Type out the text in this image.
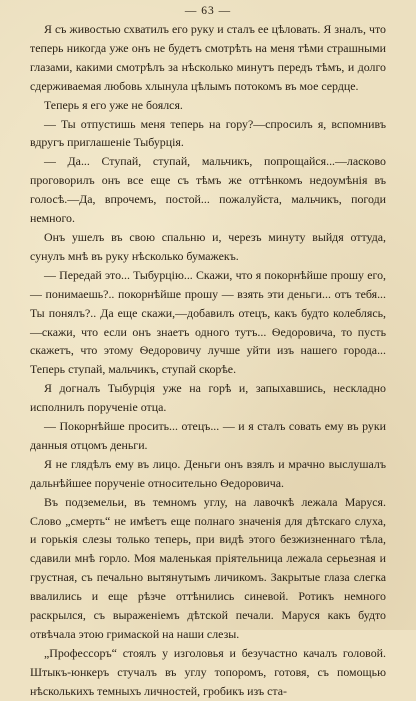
— 63 —

Я съ живостью схватилъ его руку и сталъ ее цѣловать. Я зналъ, что теперь никогда уже онъ не будетъ смотрѣть на меня тѣми страшными глазами, какими смотрѣлъ за нѣсколько минутъ передъ тѣмъ, и долго сдерживаемая любовь хлынула цѣлымъ потокомъ въ мое сердце.

Теперь я его уже не боялся.

— Ты отпустишь меня теперь на гору?—спросилъ я, вспомнивъ вдругъ приглашеніе Тыбурція.

— Да... Ступай, ступай, мальчикъ, попрощайся...—ласково проговорилъ онъ все еще съ тѣмъ же оттѣнкомъ недоумѣнія въ голосѣ.—Да, впрочемъ, постой... пожалуйста, мальчикъ, погоди немного.

Онъ ушелъ въ свою спальню и, черезъ минуту выйдя оттуда, сунулъ мнѣ въ руку нѣсколько бумажекъ.

— Передай это... Тыбурцію... Скажи, что я покорнѣйше прошу его, — понимаешь?.. покорнѣйше прошу — взять эти деньги... отъ тебя... Ты понялъ?.. Да еще скажи,—добавилъ отецъ, какъ будто колеблясь,—скажи, что если онъ знаетъ одного тутъ... Ѳедоровича, то пусть скажетъ, что этому Ѳедоровичу лучше уйти изъ нашего города... Теперь ступай, мальчикъ, ступай скорѣе.

Я догналъ Тыбурція уже на горѣ и, запыхавшись, нескладно исполнилъ порученіе отца.

— Покорнѣйше просить... отецъ... — и я сталъ совать ему въ руки данныя отцомъ деньги.

Я не глядѣлъ ему въ лицо. Деньги онъ взялъ и мрачно выслушалъ дальнѣйшее порученіе относительно Ѳедоровича.

Въ подземельи, въ темномъ углу, на лавочкѣ лежала Маруся. Слово „смерть“ не имѣетъ еще полнаго значенія для дѣтскаго слуха, и горькія слезы только теперь, при видѣ этого безжизненнаго тѣла, сдавили мнѣ горло. Моя маленькая пріятельница лежала серьезная и грустная, съ печально вытянутымъ личикомъ. Закрытые глаза слегка ввалились и еще рѣзче оттѣнились синевой. Ротикъ немного раскрылся, съ выраженіемъ дѣтской печали. Маруся какъ будто отвѣчала этою гримаской на наши слезы.

„Профессоръ“ стоялъ у изголовья и безучастно качалъ головой. Штыкъ-юнкеръ стучалъ въ углу топоромъ, готовя, съ помощью нѣсколькихъ темныхъ личностей, гробикъ изъ ста-
